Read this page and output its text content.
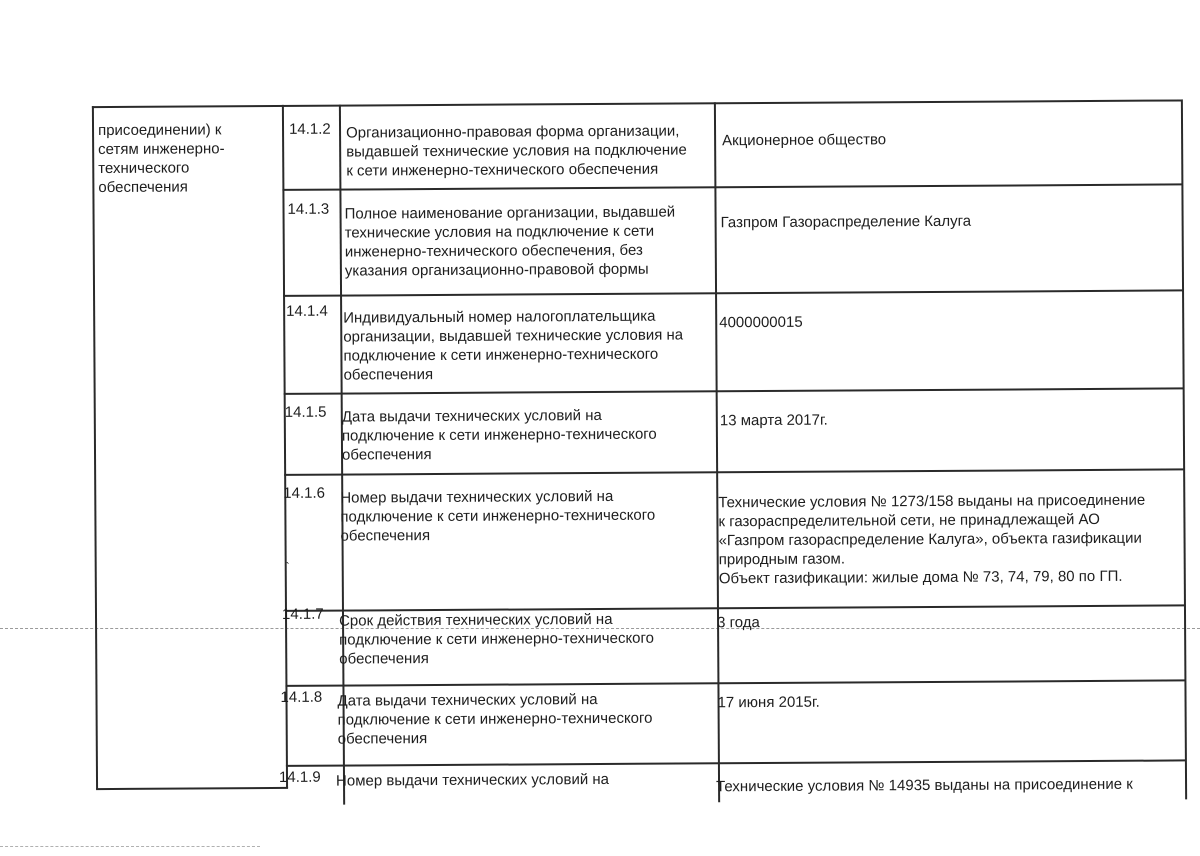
присоединении) к
сетям инженерно-
технического
обеспечения
14.1.2 Организационно-правовая форма организации,
выдавшей технические условия на подключение
к сети инженерно-технического обеспечения
Акционерное общество
14.1.3 Полное наименование организации, выдавшей
технические условия на подключение к сети
инженерно-технического обеспечения, без
указания организационно-правовой формы
Газпром Газораспределение Калуга
14.1.4 Индивидуальный номер налогоплательщика
организации, выдавшей технические условия на
подключение к сети инженерно-технического
обеспечения
4000000015
14.1.5 Дата выдачи технических условий на
подключение к сети инженерно-технического
обеспечения
13 марта 2017г.
14.1.6 Номер выдачи технических условий на
подключение к сети инженерно-технического
обеспечения
Технические условия № 1273/158 выданы на присоединение
к газораспределительной сети, не принадлежащей АО
«Газпром газораспределение Калуга», объекта газификации
природным газом.
Объект газификации: жилые дома № 73, 74, 79, 80 по ГП.
14.1.7 Срок действия технических условий на
подключение к сети инженерно-технического
обеспечения
3 года
14.1.8 Дата выдачи технических условий на
подключение к сети инженерно-технического
обеспечения
17 июня 2015г.
14.1.9 Номер выдачи технических условий на	Технические условия № 14935 выданы на присоединение к
`
